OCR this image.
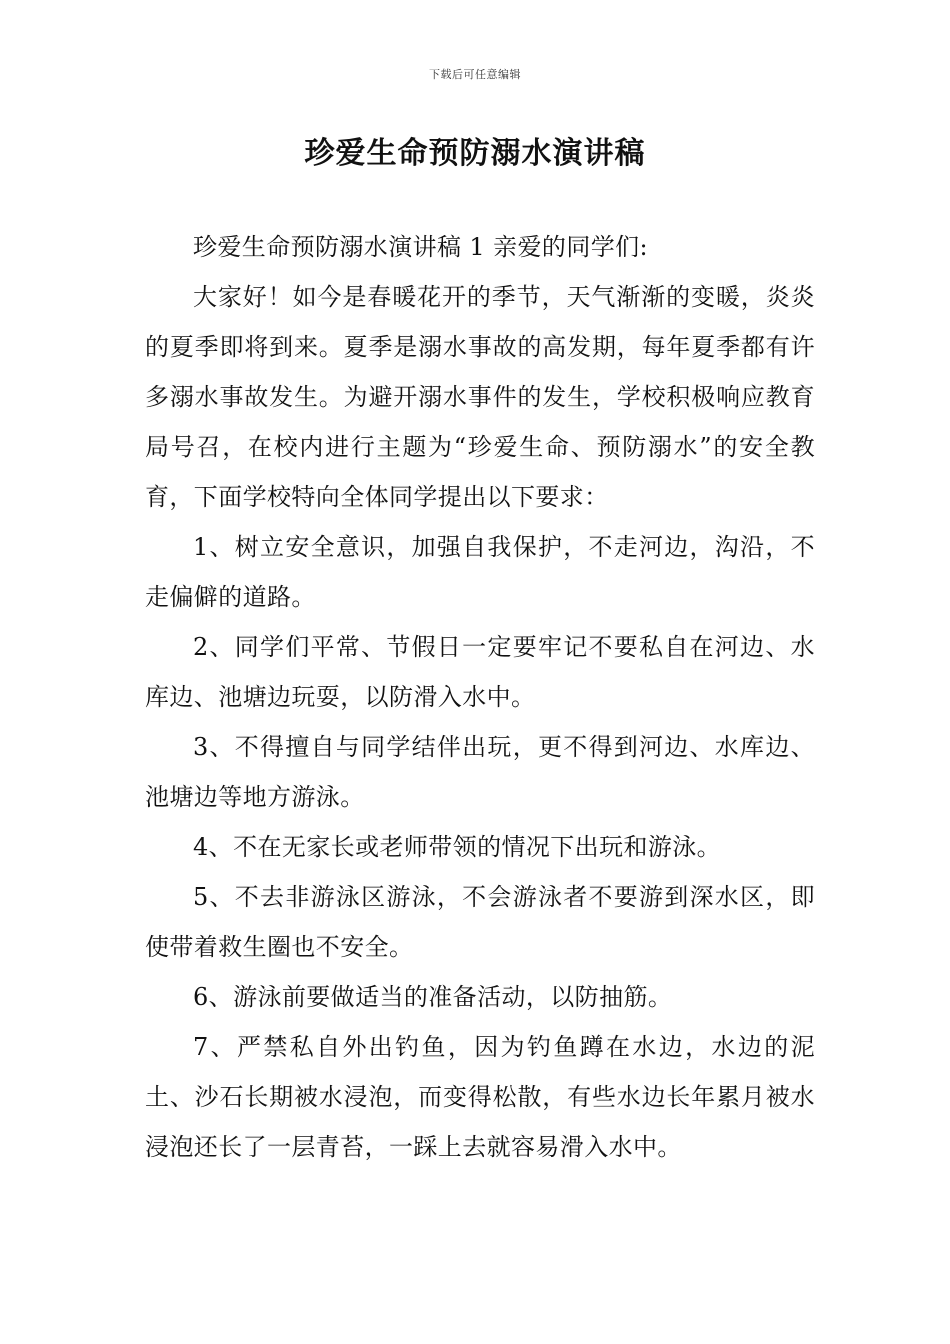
下载后可任意编辑
珍爱生命预防溺水演讲稿

珍爱生命预防溺水演讲稿 1 亲爱的同学们:

大家好！如今是春暖花开的季节，天气渐渐的变暖，炎炎的夏季即将到来。夏季是溺水事故的高发期，每年夏季都有许多溺水事故发生。为避开溺水事件的发生，学校积极响应教育局号召，在校内进行主题为“珍爱生命、预防溺水”的安全教育，下面学校特向全体同学提出以下要求：

1、树立安全意识，加强自我保护，不走河边，沟沿，不走偏僻的道路。

2、同学们平常、节假日一定要牢记不要私自在河边、水库边、池塘边玩耍，以防滑入水中。

3、不得擅自与同学结伴出玩，更不得到河边、水库边、池塘边等地方游泳。

4、不在无家长或老师带领的情况下出玩和游泳。

5、不去非游泳区游泳，不会游泳者不要游到深水区，即使带着救生圈也不安全。

6、游泳前要做适当的准备活动，以防抽筋。

7、严禁私自外出钓鱼，因为钓鱼蹲在水边，水边的泥土、沙石长期被水浸泡，而变得松散，有些水边长年累月被水浸泡还长了一层青苔，一踩上去就容易滑入水中。
